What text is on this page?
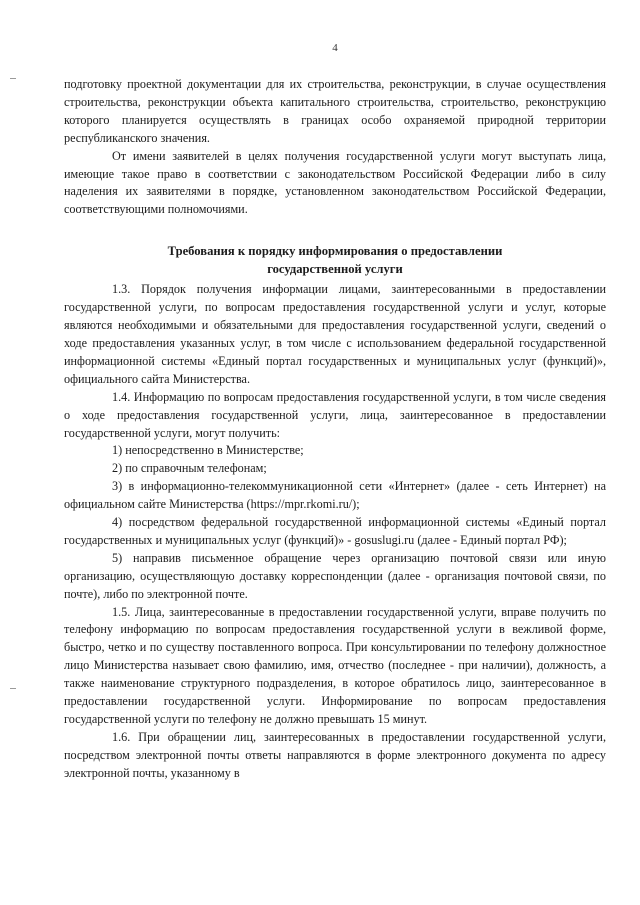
4

подготовку проектной документации для их строительства, реконструкции, в случае осуществления строительства, реконструкции объекта капитального строительства, строительство, реконструкцию которого планируется осуществлять в границах особо охраняемой природной территории республиканского значения.

От имени заявителей в целях получения государственной услуги могут выступать лица, имеющие такое право в соответствии с законодательством Российской Федерации либо в силу наделения их заявителями в порядке, установленном законодательством Российской Федерации, соответствующими полномочиями.

Требования к порядку информирования о предоставлении
государственной услуги

1.3. Порядок получения информации лицами, заинтересованными в предоставлении государственной услуги, по вопросам предоставления государственной услуги и услуг, которые являются необходимыми и обязательными для предоставления государственной услуги, сведений о ходе предоставления указанных услуг, в том числе с использованием федеральной государственной информационной системы «Единый портал государственных и муниципальных услуг (функций)», официального сайта Министерства.

1.4. Информацию по вопросам предоставления государственной услуги, в том числе сведения о ходе предоставления государственной услуги, лица, заинтересованное в предоставлении государственной услуги, могут получить:

1) непосредственно в Министерстве;

2) по справочным телефонам;

3) в информационно-телекоммуникационной сети «Интернет» (далее - сеть Интернет) на официальном сайте Министерства (https://mpr.rkomi.ru/);

4) посредством федеральной государственной информационной системы «Единый портал государственных и муниципальных услуг (функций)» - gosuslugi.ru (далее - Единый портал РФ);

5) направив письменное обращение через организацию почтовой связи или иную организацию, осуществляющую доставку корреспонденции (далее - организация почтовой связи, по почте), либо по электронной почте.

1.5. Лица, заинтересованные в предоставлении государственной услуги, вправе получить по телефону информацию по вопросам предоставления государственной услуги в вежливой форме, быстро, четко и по существу поставленного вопроса. При консультировании по телефону должностное лицо Министерства называет свою фамилию, имя, отчество (последнее - при наличии), должность, а также наименование структурного подразделения, в которое обратилось лицо, заинтересованное в предоставлении государственной услуги. Информирование по вопросам предоставления государственной услуги по телефону не должно превышать 15 минут.

1.6. При обращении лиц, заинтересованных в предоставлении государственной услуги, посредством электронной почты ответы направляются в форме электронного документа по адресу электронной почты, указанному в
